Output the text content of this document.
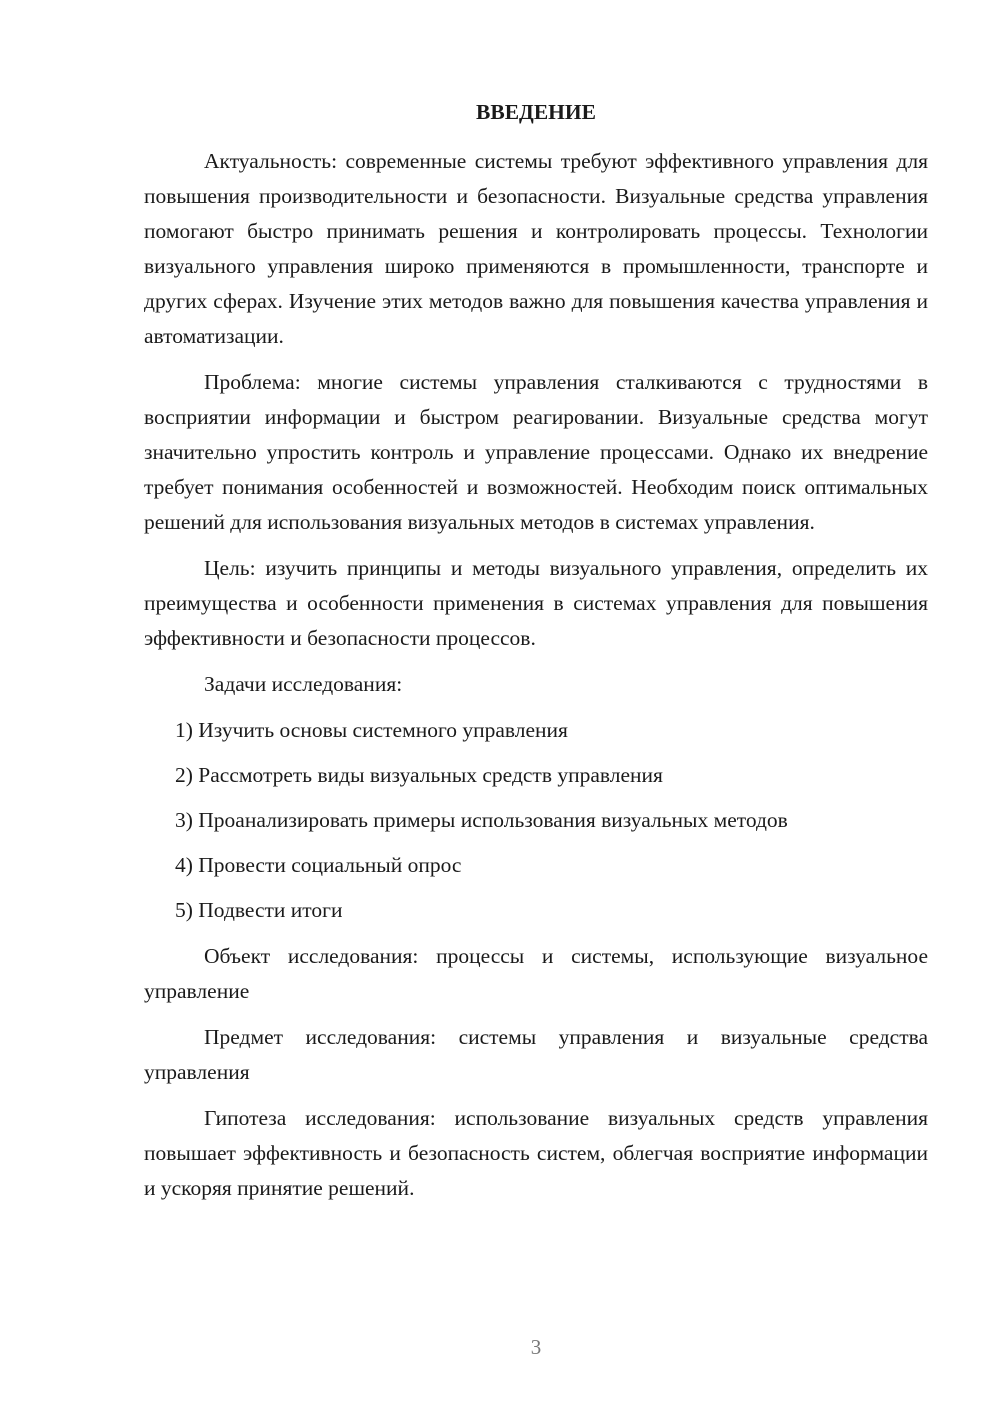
ВВЕДЕНИЕ

Актуальность: современные системы требуют эффективного управления для повышения производительности и безопасности. Визуальные средства управления помогают быстро принимать решения и контролировать процессы. Технологии визуального управления широко применяются в промышленности, транспорте и других сферах. Изучение этих методов важно для повышения качества управления и автоматизации.

Проблема: многие системы управления сталкиваются с трудностями в восприятии информации и быстром реагировании. Визуальные средства могут значительно упростить контроль и управление процессами. Однако их внедрение требует понимания особенностей и возможностей. Необходим поиск оптимальных решений для использования визуальных методов в системах управления.

Цель: изучить принципы и методы визуального управления, определить их преимущества и особенности применения в системах управления для повышения эффективности и безопасности процессов.

Задачи исследования:

1) Изучить основы системного управления
2) Рассмотреть виды визуальных средств управления
3) Проанализировать примеры использования визуальных методов
4) Провести социальный опрос
5) Подвести итоги

Объект исследования: процессы и системы, использующие визуальное управление

Предмет исследования: системы управления и визуальные средства управления

Гипотеза исследования: использование визуальных средств управления повышает эффективность и безопасность систем, облегчая восприятие информации и ускоряя принятие решений.

3
